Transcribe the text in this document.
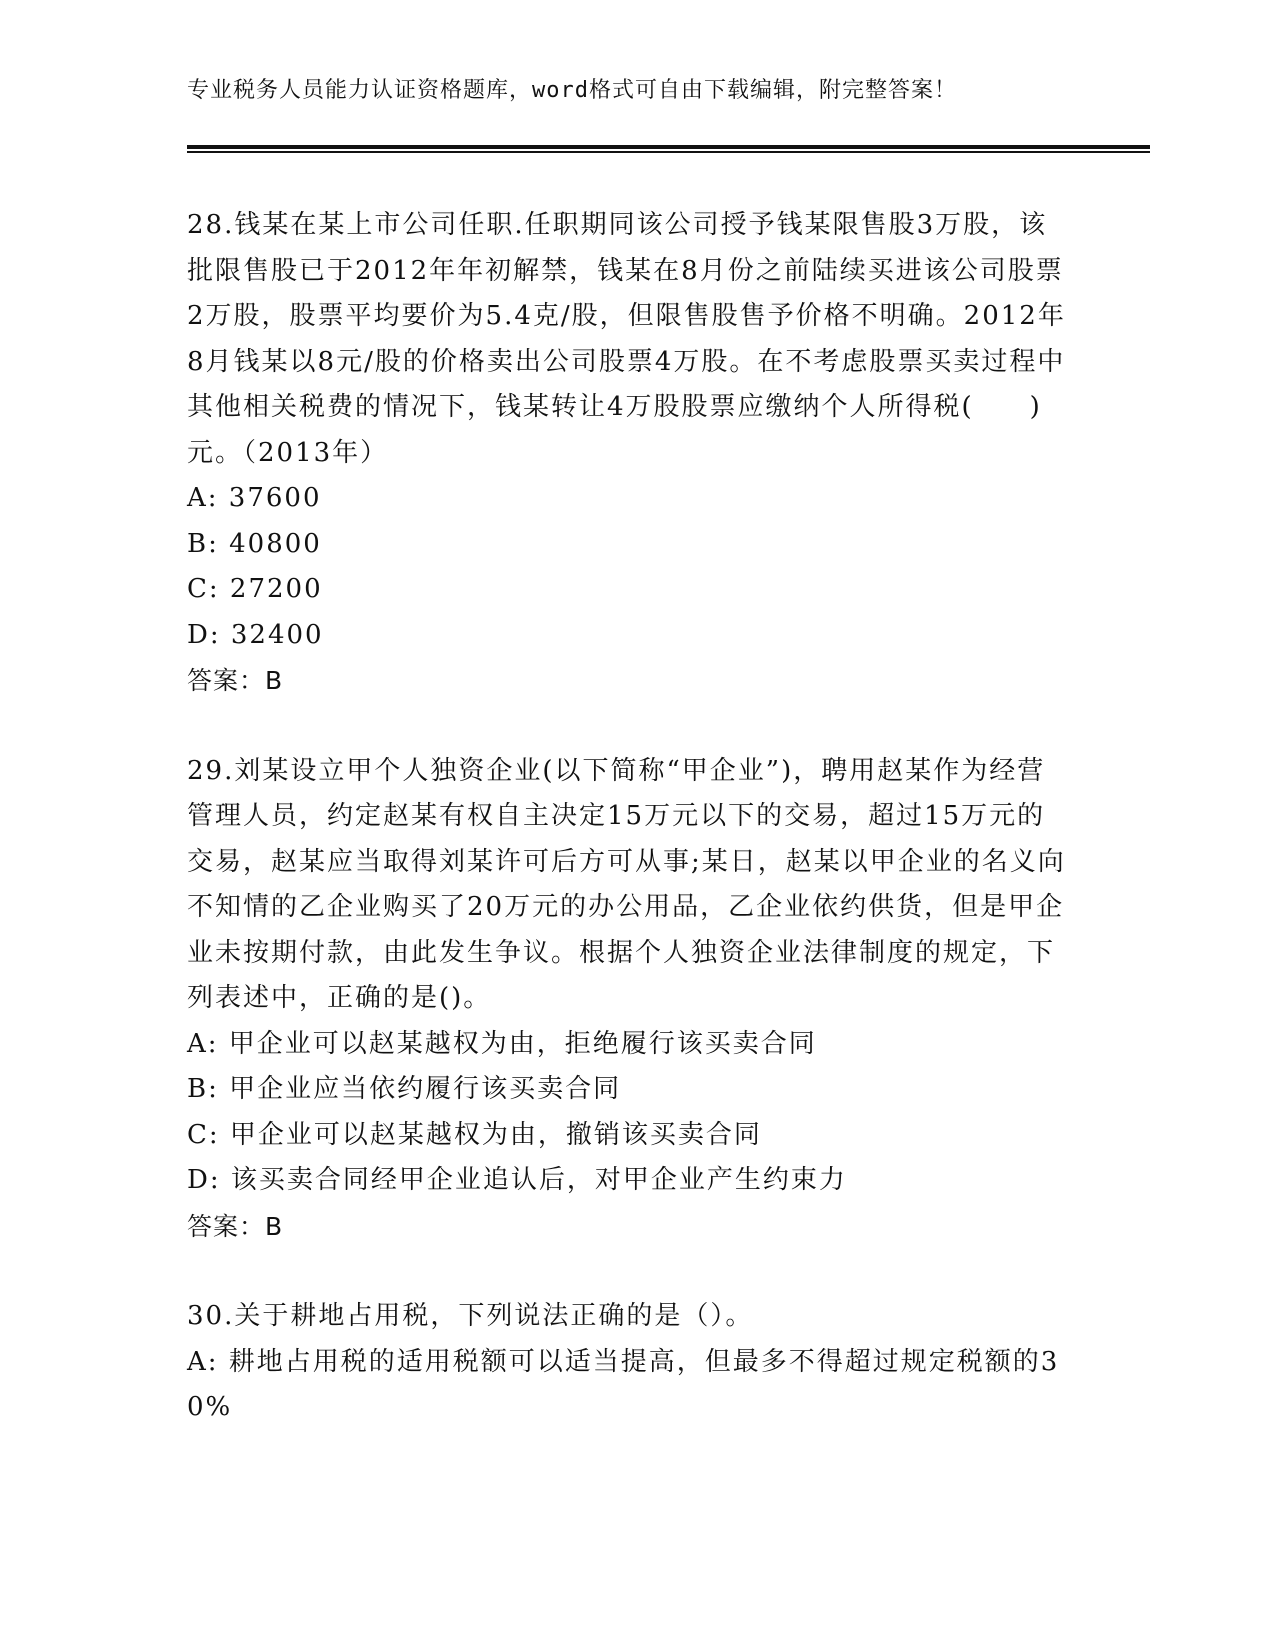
专业税务人员能力认证资格题库，word格式可自由下载编辑，附完整答案！

28.钱某在某上市公司任职.任职期同该公司授予钱某限售股3万股，该批限售股已于2012年年初解禁，钱某在8月份之前陆续买进该公司股票2万股，股票平均要价为5.4克/股，但限售股售予价格不明确。2012年8月钱某以8元/股的价格卖出公司股票4万股。在不考虑股票买卖过程中其他相关税费的情况下，钱某转让4万股股票应缴纳个人所得税(　　)元。（2013年）

A: 37600

B: 40800

C: 27200

D: 32400

答案：B

29.刘某设立甲个人独资企业(以下简称“甲企业”)，聘用赵某作为经营管理人员，约定赵某有权自主决定15万元以下的交易，超过15万元的交易，赵某应当取得刘某许可后方可从事;某日，赵某以甲企业的名义向不知情的乙企业购买了20万元的办公用品，乙企业依约供货，但是甲企业未按期付款，由此发生争议。根据个人独资企业法律制度的规定，下列表述中，正确的是()。

A: 甲企业可以赵某越权为由，拒绝履行该买卖合同

B: 甲企业应当依约履行该买卖合同

C: 甲企业可以赵某越权为由，撤销该买卖合同

D: 该买卖合同经甲企业追认后，对甲企业产生约束力

答案：B

30.关于耕地占用税，下列说法正确的是（）。

A: 耕地占用税的适用税额可以适当提高，但最多不得超过规定税额的30%
